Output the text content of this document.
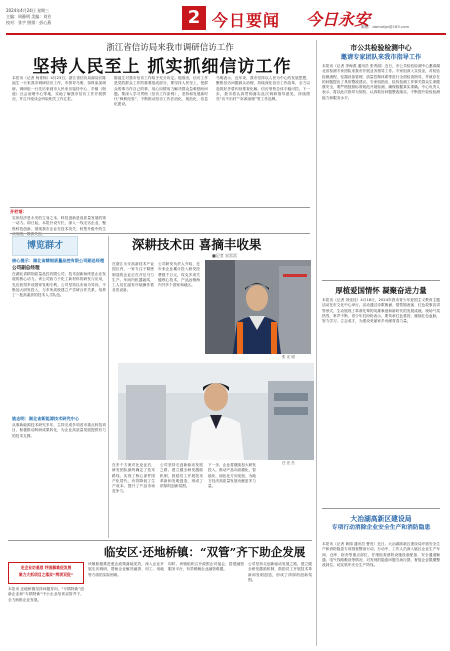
2024年4月24日 星期三
主编：周静明 美编：刘芳
校对：张宇 照排：彭心燕	2 今日要闻 今日永安
邮箱：damxfgs@163.com
浙江省信访局来我市调研信访工作
坚持人民至上 抓实抓细信访工作
本报讯（记者 杨青杨）4月23日，浙江省信访局副局长陈福生一行来我市调研信访工作。市领导马明、邹科参加调研。调研组一行先后来到市人民来访接待中心、乡镇（街道）社会治理中心等地，实地了解我市信访工作开展情况，并召开座谈会听取相关工作汇报。
陈福生对我市信访工作给予充分肯定。他指出，信访工作是党的群众工作的重要组成部分，要坚持人民至上，把群众的事当作自己的事，用心用情用力解决群众急难愁盼问题。要深入学习贯彻《信访工作条例》，坚持和发展新时代“枫桥经验”，不断推动信访工作法治化、规范化、信息化建设。
马明表示，近年来，我市坚持以人民为中心的发展思想，聚焦信访问题源头治理，持续深化信访工作改革，全力以赴抓好矛盾纠纷排查化解，信访形势总体平稳可控。下一步，我市将认真贯彻落实此次调研指导意见，持续擦亮“访不出村”“诉源治理”等工作品牌。
开栏语：
实体经济是永安的立身之本，科技创新是高质量发展的第一动力。即日起，本报开设专栏，深入一线走访企业，聚焦科技创新，展现我市企业在技术攻关、转型升级中的生动实践，敬请关注。
博览群才
核心提示：湖北省精细质量品控有限公司副总经理
公司副总经理
在湖北省精细质量品控有限公司，技术创新始终是企业发展的核心动力。该公司致力于化工新材料的研发与应用，先后获得多项国家发明专利。公司坚持以市场为导向，不断加大研发投入，与多所高校建立产学研合作关系，培养了一批高素质的技术人才队伍。
姚志明：湖北省新能源技术研究中心
从事新能源技术研究多年，主持完成多项省市重点科技项目，积极推动科研成果转化，为企业高质量发展提供有力的技术支撑。
深耕技术田 喜摘丰收果
■记者 宋雷雷
在浙江永安高新技术产业园区内，一家专注于精密制造的企业正在开足马力生产。车间内机器轰鸣，工人们忙碌有序地操作着各类设备。
公司研发负责人介绍，近年来企业累计投入研发经费数千万元，攻克多项关键核心技术，产品远销海内外多个国家和地区。
张 光 明
任 亮 杰
在多个方案对比论证后，研发团队最终确定了技术路线，实现了核心部件国产化替代，有效降低了生产成本，提升了产品市场竞争力。
公司坚持走创新驱动发展之路，建立健全研发激励机制，鼓励员工开展技术革新和发明创造，形成了浓厚的创新氛围。
下一步，企业将继续加大研发投入，推动产品向高端化、智能化、绿色化方向发展，为地方经济高质量发展贡献更多力量。
临安区·还地桥镇：“双管”齐下助企发展

走企业访基层 纾困解难促发展

聚力大抓项目之落实“两项双促”

本报讯 还地桥镇坚持问题导向，“专精特新”创新企业和“专精特新”中小企业培育双管齐下，全力助推企业发展。
该镇积极推进惠企政策落地见效，深入企业开展走访调研，帮助企业解决融资、用工、用地等方面的实际困难。
同时，该镇组织召开政银企对接会，搭建融资服务平台，有效缓解企业融资难题。
公司坚持走创新驱动发展之路，建立健全研发激励机制，鼓励员工开展技术革新和发明创造，形成了浓厚的创新氛围。
市公共检验检测中心
邀请专家团队来我市指导工作
本报讯（记者 李海燕 通讯员 张秀丽）近日，市公共检验检测中心邀请湖北省检测专家团队来我市开展业务指导工作。专家组深入实验室，对检验检测流程、仪器设备管理、质量控制体系等进行全面检查指导，并就存在的问题提出了具体整改建议。专家组指出，检验检测工作事关群众生命健康安全，要严格按照标准规范开展检测，确保数据真实准确。中心负责人表示，将以此次指导为契机，认真抓好问题整改落实，不断提升检验检测能力和服务水平。
厚植爱国情怀 凝聚奋进力量
本报讯（记者 刘佳佳）4月18日，2024年我市青少年爱国主义教育主题活动在市文化中心举行。活动通过诗歌朗诵、情景剧表演、红色故事宣讲等形式，生动展现了革命先辈的英雄事迹和新时代的发展成就。现场气氛热烈，掌声不断，青少年们纷纷表示，要传承红色基因，赓续红色血脉，努力学习，立志成才，为建设美丽家乡贡献青春力量。
大冶湖高新区建设局
专项行动消除企业安全生产和消防隐患
本报讯（记者 黄翔 通讯员 曹晋）近日，大冶湖高新区建设局开展安全生产和消防隐患专项排查整治行动。行动中，工作人员深入辖区企业生产车间、仓库、宿舍等重点部位，仔细检查消防设施设备配备、安全通道畅通、电气线路敷设等情况，对发现的隐患问题当场反馈，督促企业限期整改到位，切实筑牢安全生产防线。
